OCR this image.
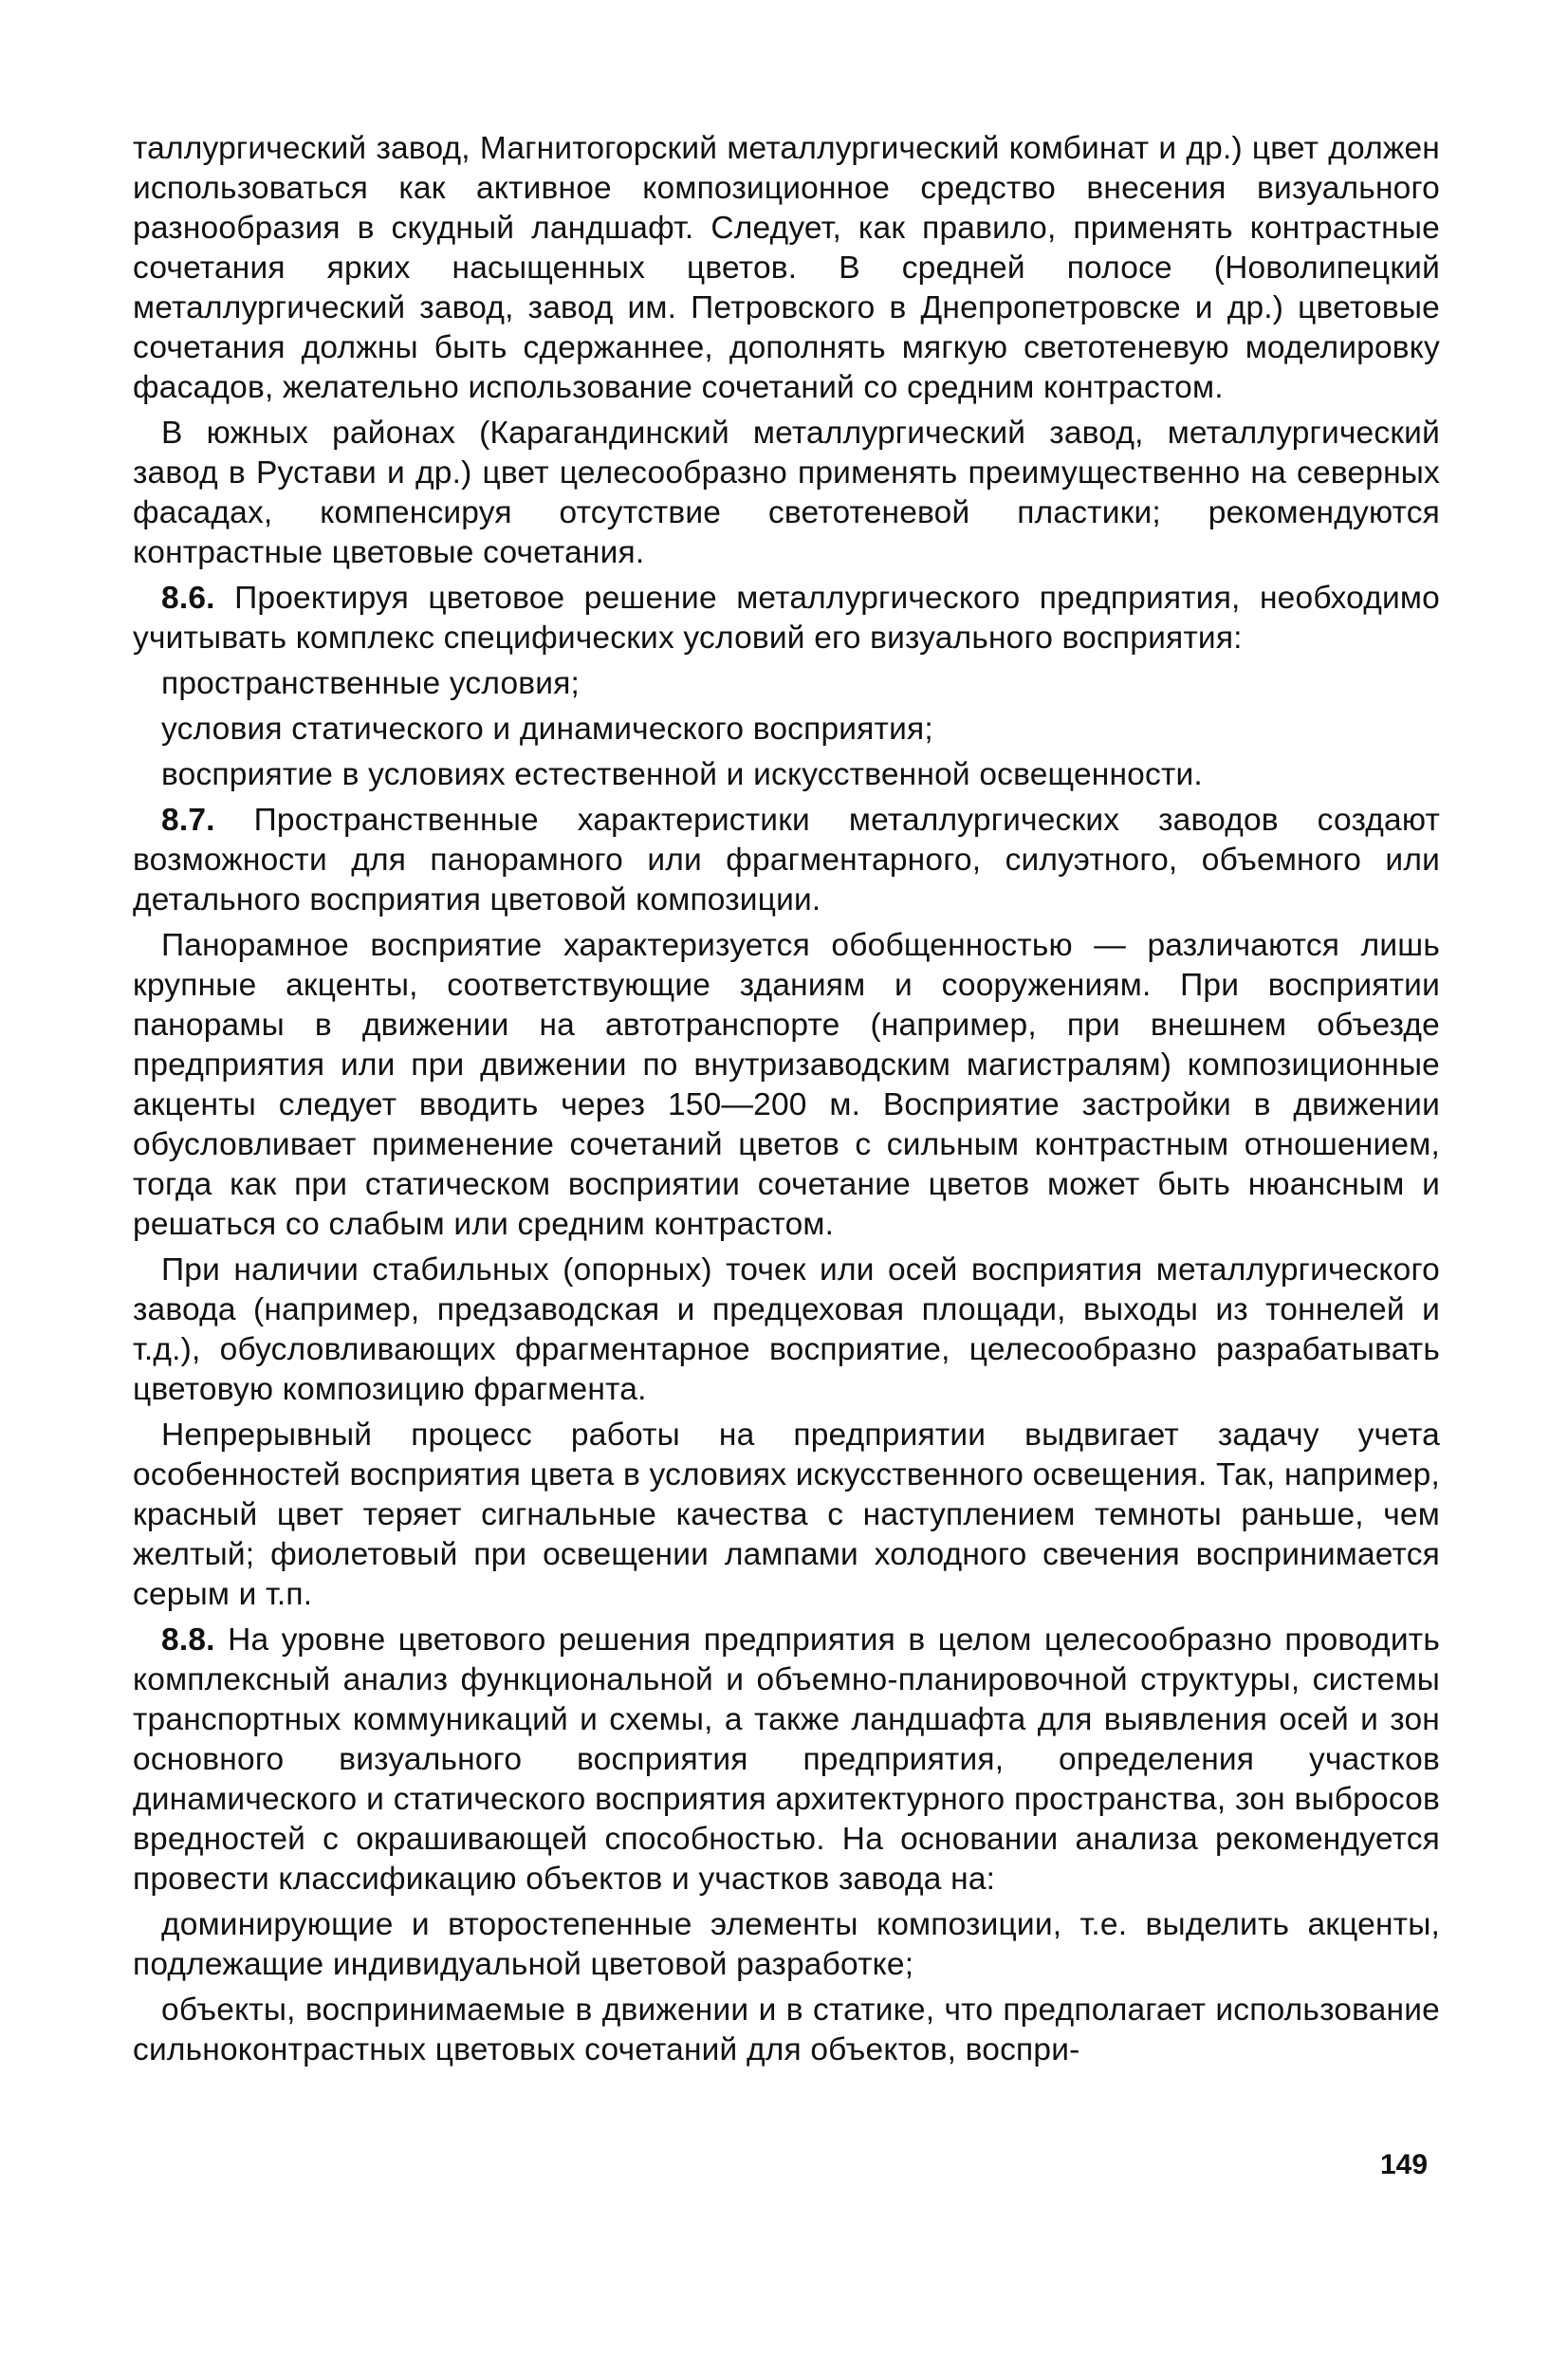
таллургический завод, Магнитогорский металлургический комбинат и др.) цвет должен использоваться как активное композиционное средство внесения визуального разнообразия в скудный ландшафт. Следует, как правило, применять контрастные сочетания ярких насыщенных цветов. В средней полосе (Новолипецкий металлургический завод, завод им. Петровского в Днепропетровске и др.) цветовые сочетания должны быть сдержаннее, дополнять мягкую светотеневую моделировку фасадов, желательно использование сочетаний со средним контрастом.

В южных районах (Карагандинский металлургический завод, металлургический завод в Рустави и др.) цвет целесообразно применять преимущественно на северных фасадах, компенсируя отсутствие светотеневой пластики; рекомендуются контрастные цветовые сочетания.

8.6. Проектируя цветовое решение металлургического предприятия, необходимо учитывать комплекс специфических условий его визуального восприятия:

пространственные условия;

условия статического и динамического восприятия;

восприятие в условиях естественной и искусственной освещенности.

8.7. Пространственные характеристики металлургических заводов создают возможности для панорамного или фрагментарного, силуэтного, объемного или детального восприятия цветовой композиции.

Панорамное восприятие характеризуется обобщенностью — различаются лишь крупные акценты, соответствующие зданиям и сооружениям. При восприятии панорамы в движении на автотранспорте (например, при внешнем объезде предприятия или при движении по внутризаводским магистралям) композиционные акценты следует вводить через 150—200 м. Восприятие застройки в движении обусловливает применение сочетаний цветов с сильным контрастным отношением, тогда как при статическом восприятии сочетание цветов может быть нюансным и решаться со слабым или средним контрастом.

При наличии стабильных (опорных) точек или осей восприятия металлургического завода (например, предзаводская и предцеховая площади, выходы из тоннелей и т.д.), обусловливающих фрагментарное восприятие, целесообразно разрабатывать цветовую композицию фрагмента.

Непрерывный процесс работы на предприятии выдвигает задачу учета особенностей восприятия цвета в условиях искусственного освещения. Так, например, красный цвет теряет сигнальные качества с наступлением темноты раньше, чем желтый; фиолетовый при освещении лампами холодного свечения воспринимается серым и т.п.

8.8. На уровне цветового решения предприятия в целом целесообразно проводить комплексный анализ функциональной и объемно-планировочной структуры, системы транспортных коммуникаций и схемы, а также ландшафта для выявления осей и зон основного визуального восприятия предприятия, определения участков динамического и статического восприятия архитектурного пространства, зон выбросов вредностей с окрашивающей способностью. На основании анализа рекомендуется провести классификацию объектов и участков завода на:

доминирующие и второстепенные элементы композиции, т.е. выделить акценты, подлежащие индивидуальной цветовой разработке;

объекты, воспринимаемые в движении и в статике, что предполагает использование сильноконтрастных цветовых сочетаний для объектов, воспри-

149
